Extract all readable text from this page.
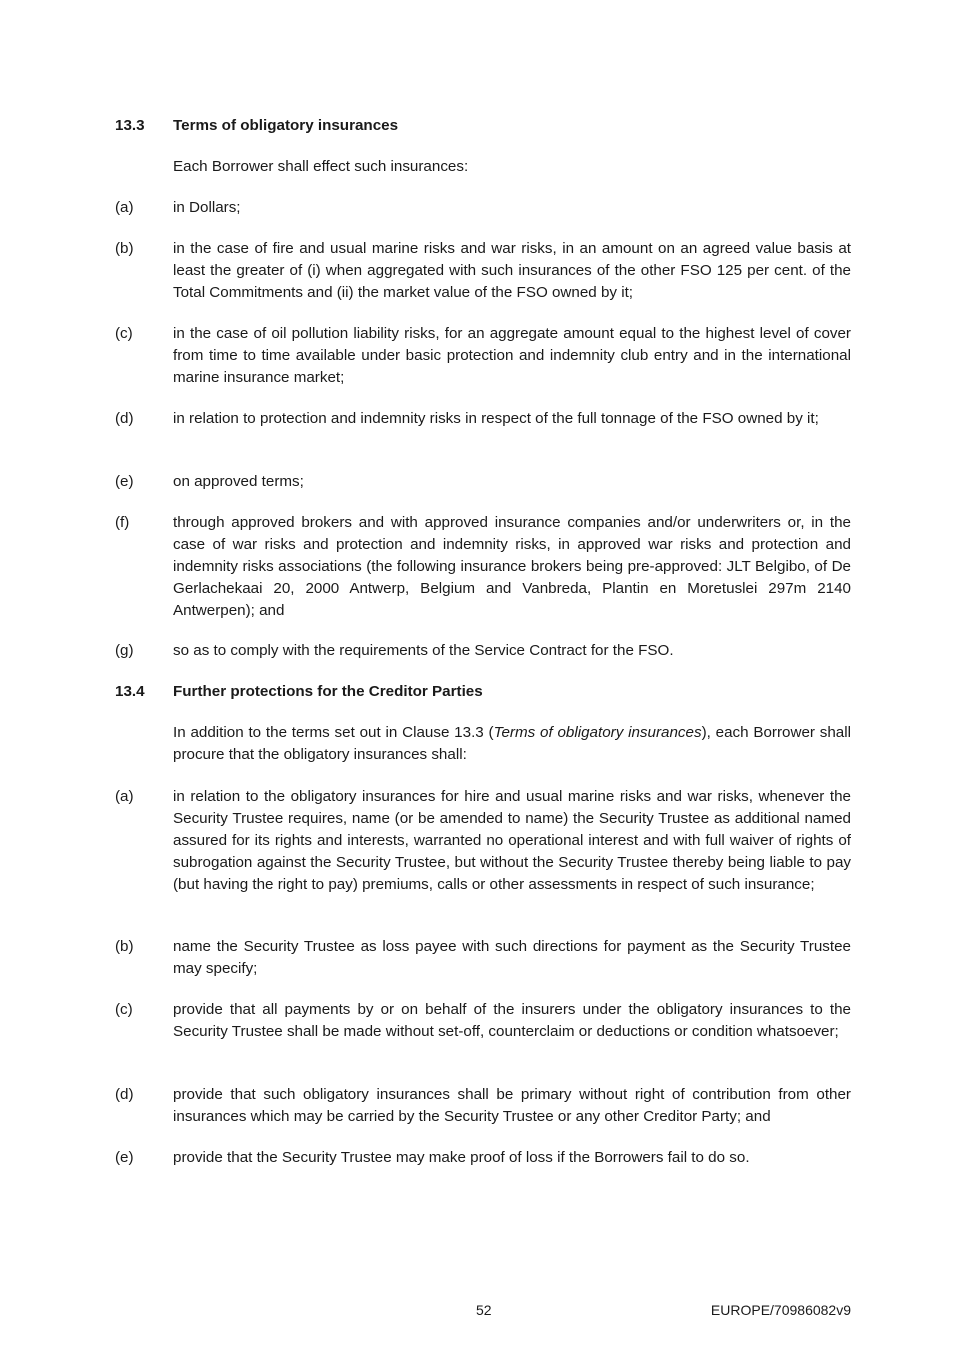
13.3 Terms of obligatory insurances
Each Borrower shall effect such insurances:
(a)	in Dollars;
(b)	in the case of fire and usual marine risks and war risks, in an amount on an agreed value basis at least the greater of (i) when aggregated with such insurances of the other FSO 125 per cent. of the Total Commitments and (ii) the market value of the FSO owned by it;
(c)	in the case of oil pollution liability risks, for an aggregate amount equal to the highest level of cover from time to time available under basic protection and indemnity club entry and in the international marine insurance market;
(d)	in relation to protection and indemnity risks in respect of the full tonnage of the FSO owned by it;
(e)	on approved terms;
(f)	through approved brokers and with approved insurance companies and/or underwriters or, in the case of war risks and protection and indemnity risks, in approved war risks and protection and indemnity risks associations (the following insurance brokers being pre-approved: JLT Belgibo, of De Gerlachekaai 20, 2000 Antwerp, Belgium and Vanbreda, Plantin en Moretuslei 297m 2140 Antwerpen); and
(g)	so as to comply with the requirements of the Service Contract for the FSO.
13.4 Further protections for the Creditor Parties
In addition to the terms set out in Clause 13.3 (Terms of obligatory insurances), each Borrower shall procure that the obligatory insurances shall:
(a)	in relation to the obligatory insurances for hire and usual marine risks and war risks, whenever the Security Trustee requires, name (or be amended to name) the Security Trustee as additional named assured for its rights and interests, warranted no operational interest and with full waiver of rights of subrogation against the Security Trustee, but without the Security Trustee thereby being liable to pay (but having the right to pay) premiums, calls or other assessments in respect of such insurance;
(b)	name the Security Trustee as loss payee with such directions for payment as the Security Trustee may specify;
(c)	provide that all payments by or on behalf of the insurers under the obligatory insurances to the Security Trustee shall be made without set-off, counterclaim or deductions or condition whatsoever;
(d)	provide that such obligatory insurances shall be primary without right of contribution from other insurances which may be carried by the Security Trustee or any other Creditor Party; and
(e)	provide that the Security Trustee may make proof of loss if the Borrowers fail to do so.
52	EUROPE/70986082v9
